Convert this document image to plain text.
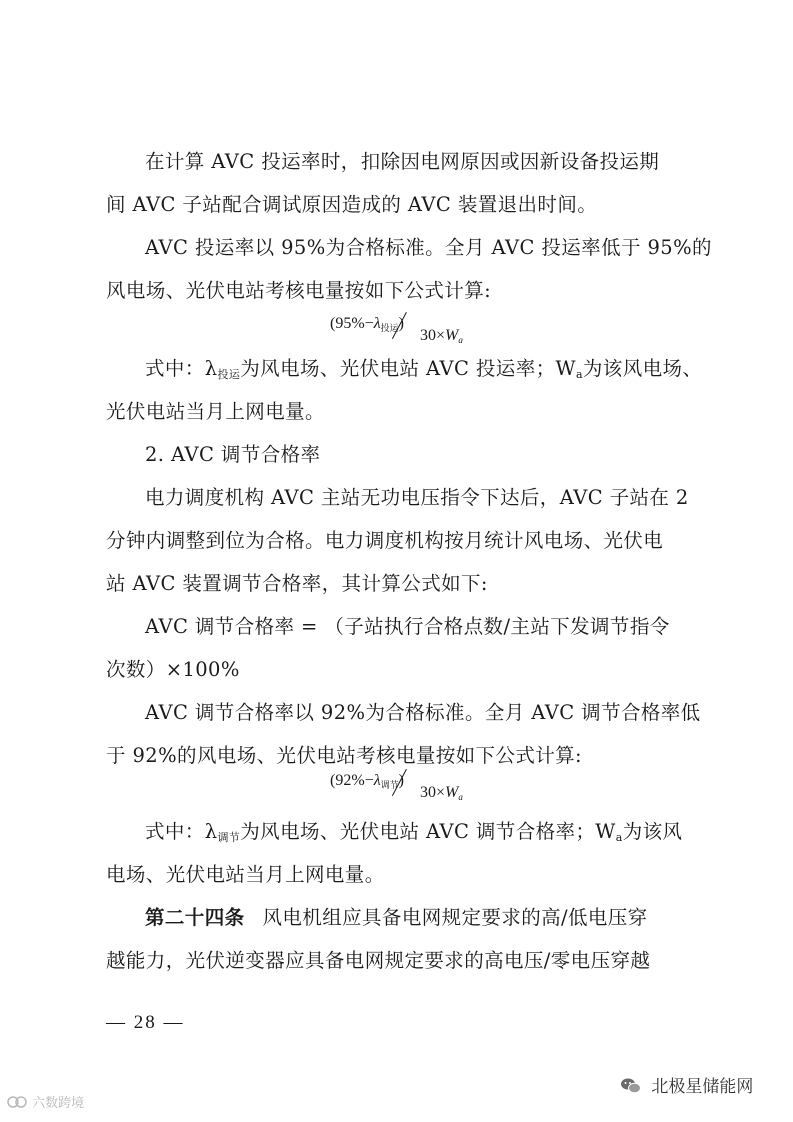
在计算 AVC 投运率时，扣除因电网原因或因新设备投运期
间 AVC 子站配合调试原因造成的 AVC 装置退出时间。
AVC 投运率以 95%为合格标准。全月 AVC 投运率低于 95%的
风电场、光伏电站考核电量按如下公式计算:
$(95\%-\lambda_{投运})30\times Wa$
式中：λ投运为风电场、光伏电站 AVC 投运率；Wa为该风电场、
光伏电站当月上网电量。
2. AVC 调节合格率
电力调度机构 AVC 主站无功电压指令下达后，AVC 子站在 2
分钟内调整到位为合格。电力调度机构按月统计风电场、光伏电
站 AVC 装置调节合格率，其计算公式如下:
AVC 调节合格率 = （子站执行合格点数/主站下发调节指令
次数）×100%
AVC 调节合格率以 92%为合格标准。全月 AVC 调节合格率低
于 92%的风电场、光伏电站考核电量按如下公式计算:
$(92\%-\lambda_{调节})30\times Wa$
式中：λ调节为风电场、光伏电站 AVC 调节合格率；Wa为该风
电场、光伏电站当月上网电量。
第二十四条 风电机组应具备电网规定要求的高/低电压穿
越能力，光伏逆变器应具备电网规定要求的高电压/零电压穿越
— 28 —
六数跨境
北极星储能网
